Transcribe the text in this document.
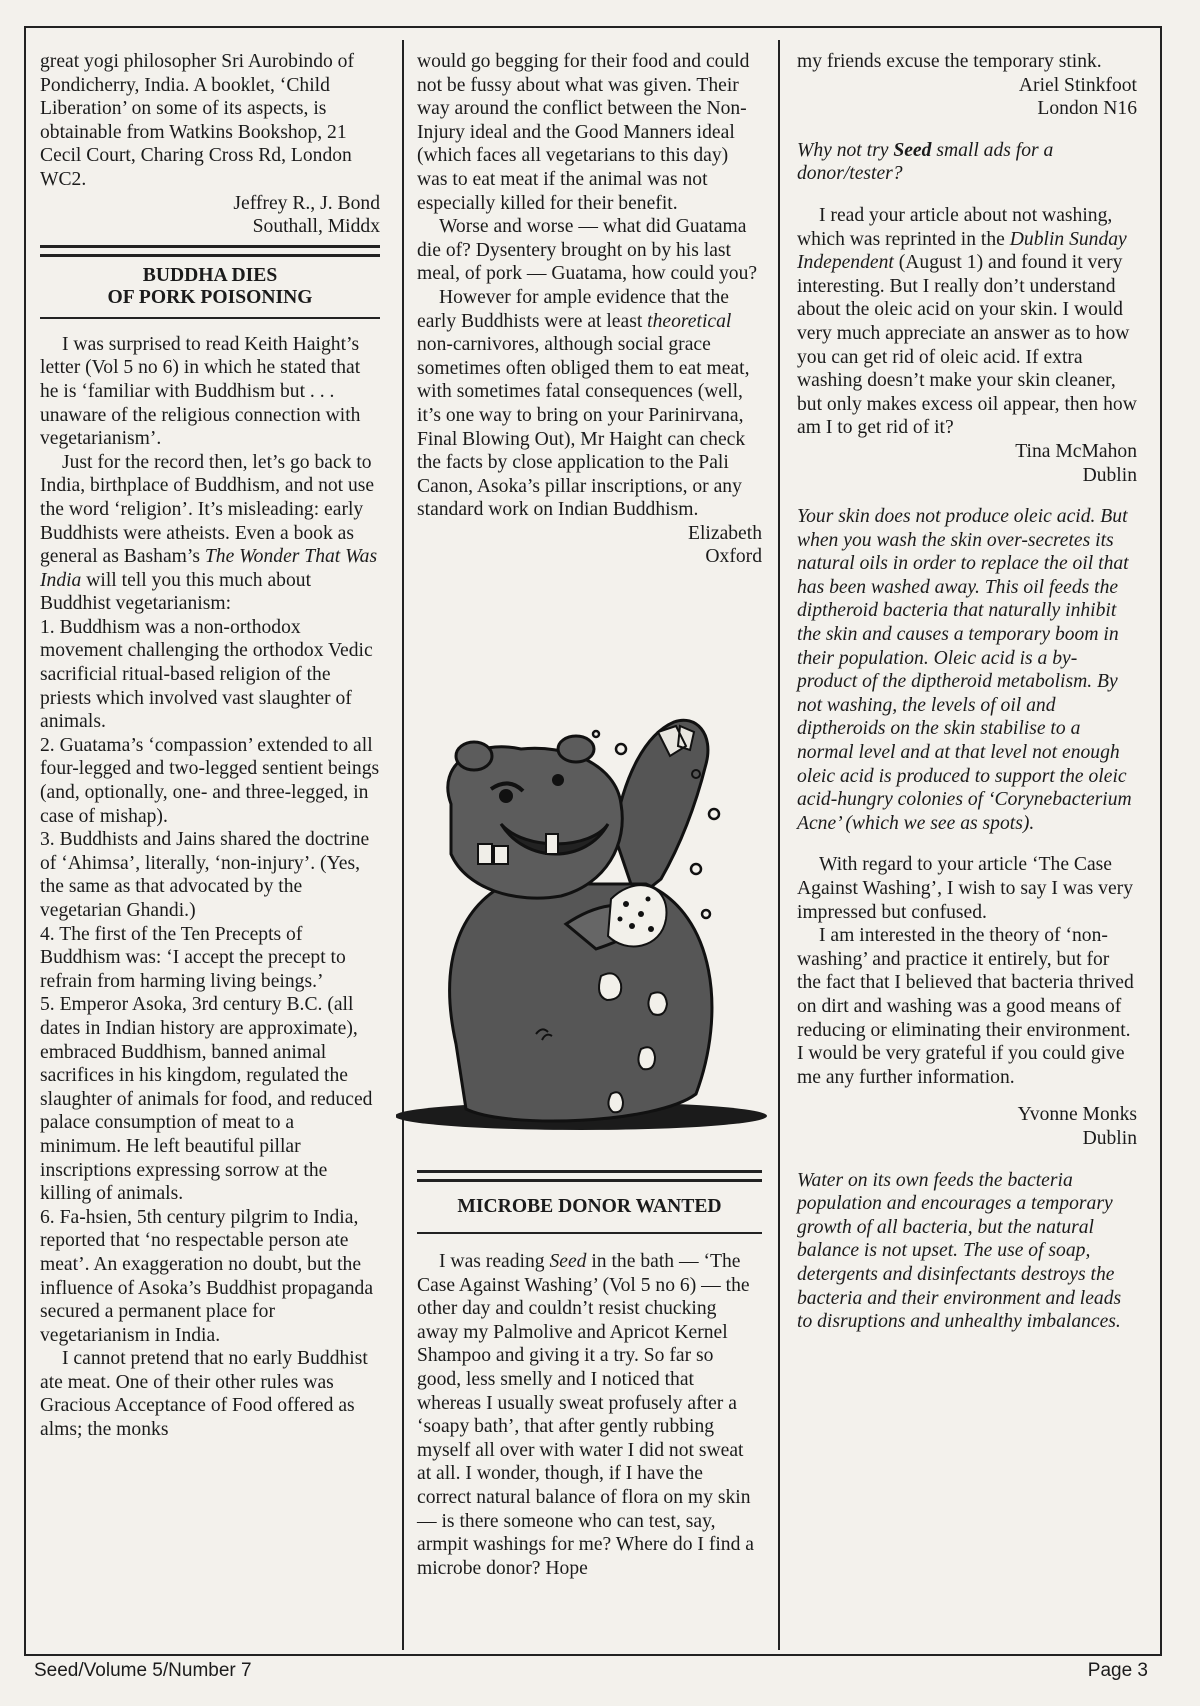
great yogi philosopher Sri Aurobindo of Pondicherry, India. A booklet, ‘Child Liberation’ on some of its aspects, is obtainable from Watkins Bookshop, 21 Cecil Court, Charing Cross Rd, London WC2.

Jeffrey R., J. Bond

Southall, Middx

BUDDHA DIES

OF PORK POISONING

I was surprised to read Keith Haight’s letter (Vol 5 no 6) in which he stated that he is ‘familiar with Buddhism but . . . unaware of the religious connection with vegetarianism’.

Just for the record then, let’s go back to India, birthplace of Buddhism, and not use the word ‘religion’. It’s misleading: early Buddhists were atheists. Even a book as general as Basham’s The Wonder That Was India will tell you this much about Buddhist vegetarianism:

1. Buddhism was a non-orthodox movement challenging the orthodox Vedic sacrificial ritual-based religion of the priests which involved vast slaughter of animals.

2. Guatama’s ‘compassion’ extended to all four-legged and two-legged sentient beings (and, optionally, one- and three-legged, in case of mishap).

3. Buddhists and Jains shared the doctrine of ‘Ahimsa’, literally, ‘non-injury’. (Yes, the same as that advocated by the vegetarian Ghandi.)

4. The first of the Ten Precepts of Buddhism was: ‘I accept the precept to refrain from harming living beings.’

5. Emperor Asoka, 3rd century B.C. (all dates in Indian history are approximate), embraced Buddhism, banned animal sacrifices in his kingdom, regulated the slaughter of animals for food, and reduced palace consumption of meat to a minimum. He left beautiful pillar inscriptions expressing sorrow at the killing of animals.

6. Fa-hsien, 5th century pilgrim to India, reported that ‘no respectable person ate meat’. An exaggeration no doubt, but the influence of Asoka’s Buddhist propaganda secured a permanent place for vegetarianism in India.

I cannot pretend that no early Buddhist ate meat. One of their other rules was Gracious Acceptance of Food offered as alms; the monks

would go begging for their food and could not be fussy about what was given. Their way around the conflict between the Non-Injury ideal and the Good Manners ideal (which faces all vegetarians to this day) was to eat meat if the animal was not especially killed for their benefit.

Worse and worse — what did Guatama die of? Dysentery brought on by his last meal, of pork — Guatama, how could you?

However for ample evidence that the early Buddhists were at least theoretical non-carnivores, although social grace sometimes often obliged them to eat meat, with sometimes fatal consequences (well, it’s one way to bring on your Parinirvana, Final Blowing Out), Mr Haight can check the facts by close application to the Pali Canon, Asoka’s pillar inscriptions, or any standard work on Indian Buddhism.

Elizabeth

Oxford

MICROBE DONOR WANTED

I was reading Seed in the bath — ‘The Case Against Washing’ (Vol 5 no 6) — the other day and couldn’t resist chucking away my Palmolive and Apricot Kernel Shampoo and giving it a try. So far so good, less smelly and I noticed that whereas I usually sweat profusely after a ‘soapy bath’, that after gently rubbing myself all over with water I did not sweat at all. I wonder, though, if I have the correct natural balance of flora on my skin — is there someone who can test, say, armpit washings for me? Where do I find a microbe donor? Hope

my friends excuse the temporary stink.

Ariel Stinkfoot

London N16

Why not try Seed small ads for a donor/tester?

I read your article about not washing, which was reprinted in the Dublin Sunday Independent (August 1) and found it very interesting. But I really don’t understand about the oleic acid on your skin. I would very much appreciate an answer as to how you can get rid of oleic acid. If extra washing doesn’t make your skin cleaner, but only makes excess oil appear, then how am I to get rid of it?

Tina McMahon

Dublin

Your skin does not produce oleic acid. But when you wash the skin over-secretes its natural oils in order to replace the oil that has been washed away. This oil feeds the diptheroid bacteria that naturally inhibit the skin and causes a temporary boom in their population. Oleic acid is a by-product of the diptheroid metabolism. By not washing, the levels of oil and diptheroids on the skin stabilise to a normal level and at that level not enough oleic acid is produced to support the oleic acid-hungry colonies of ‘Corynebacterium Acne’ (which we see as spots).

With regard to your article ‘The Case Against Washing’, I wish to say I was very impressed but confused.

I am interested in the theory of ‘non-washing’ and practice it entirely, but for the fact that I believed that bacteria thrived on dirt and washing was a good means of reducing or eliminating their environment. I would be very grateful if you could give me any further information.

Yvonne Monks

Dublin

Water on its own feeds the bacteria population and encourages a temporary growth of all bacteria, but the natural balance is not upset. The use of soap, detergents and disinfectants destroys the bacteria and their environment and leads to disruptions and unhealthy imbalances.

Seed/Volume 5/Number 7	Page 3
